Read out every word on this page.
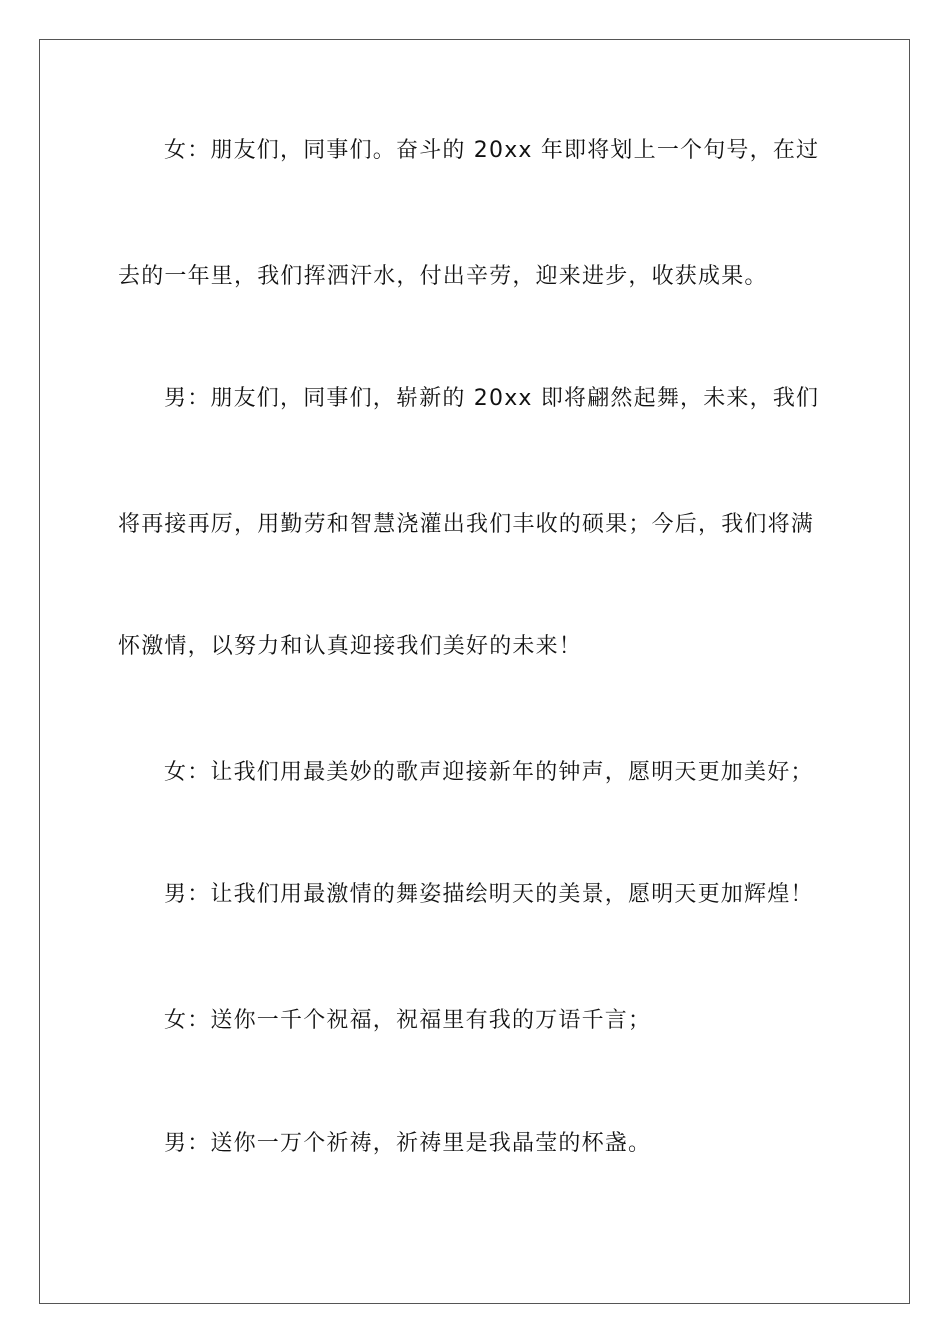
女：朋友们，同事们。奋斗的 20xx 年即将划上一个句号，在过
去的一年里，我们挥洒汗水，付出辛劳，迎来进步，收获成果。
男：朋友们，同事们，崭新的 20xx 即将翩然起舞，未来，我们
将再接再厉，用勤劳和智慧浇灌出我们丰收的硕果；今后，我们将满
怀激情，以努力和认真迎接我们美好的未来！
女：让我们用最美妙的歌声迎接新年的钟声，愿明天更加美好；
男：让我们用最激情的舞姿描绘明天的美景，愿明天更加辉煌！
女：送你一千个祝福，祝福里有我的万语千言；
男：送你一万个祈祷，祈祷里是我晶莹的杯盏。
